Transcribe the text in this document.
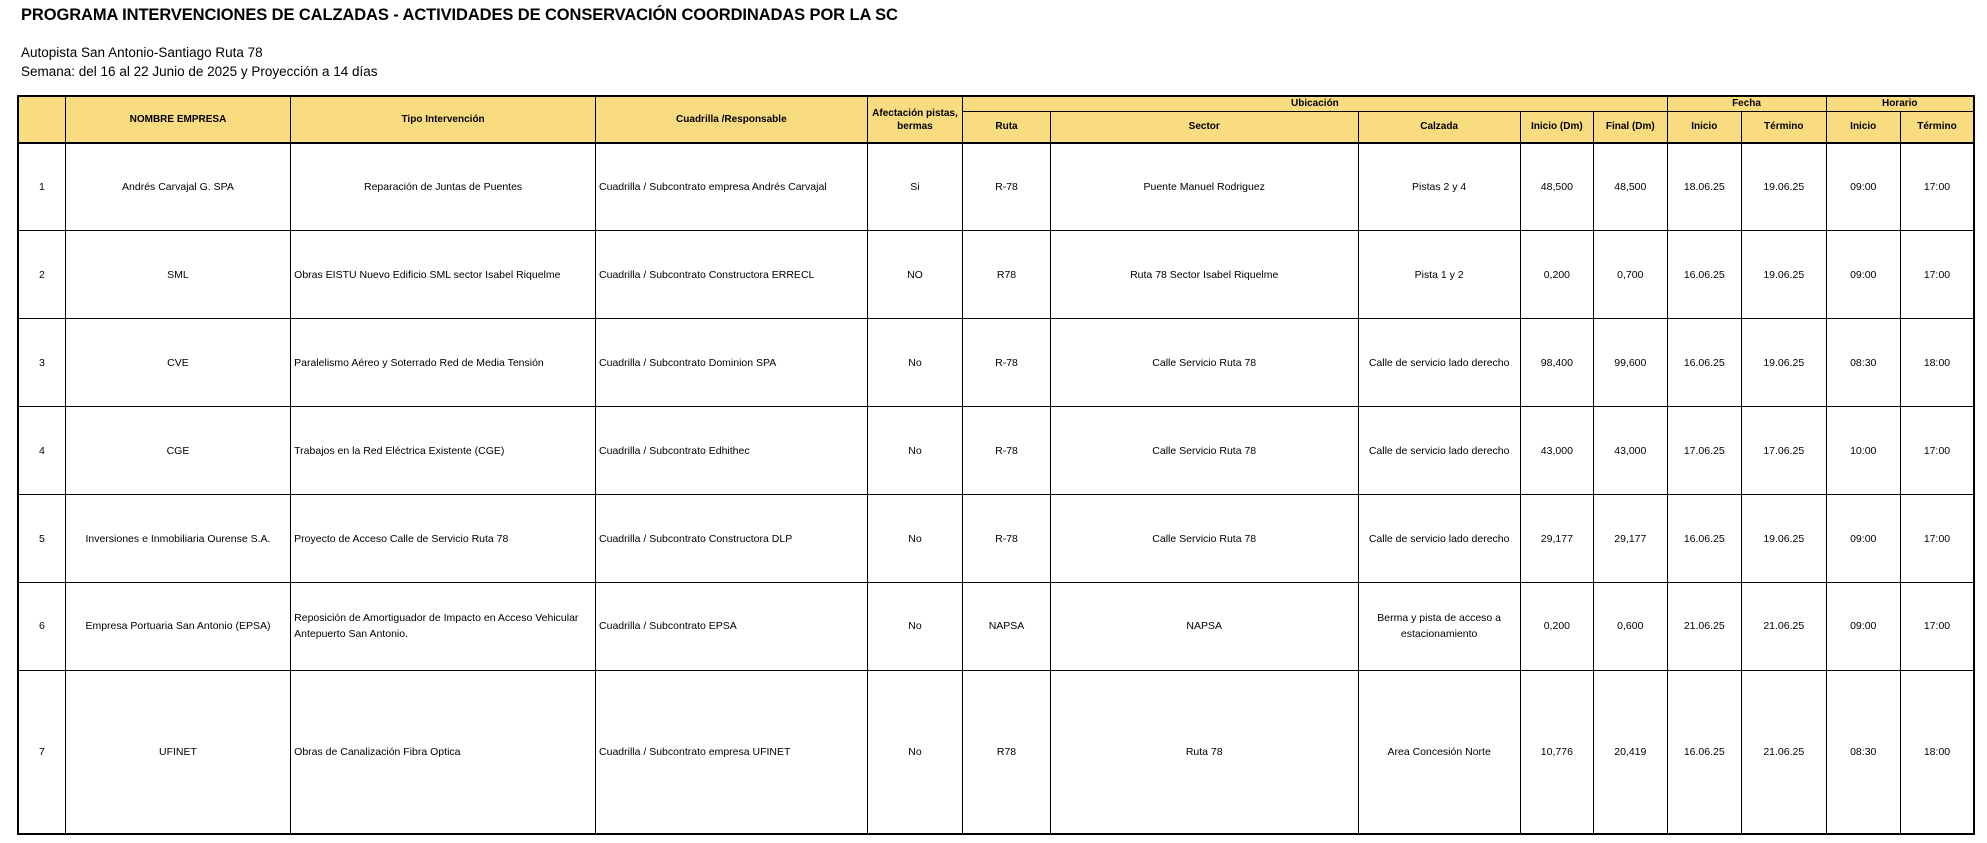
PROGRAMA INTERVENCIONES DE CALZADAS - ACTIVIDADES DE CONSERVACIÓN COORDINADAS POR LA SC
Autopista San Antonio-Santiago Ruta 78
Semana: del 16 al 22 Junio de 2025 y Proyección a 14 días
	NOMBRE EMPRESA	Tipo Intervención	Cuadrilla /Responsable	Afectación pistas, bermas	Ubicación					Fecha		Horario	
					Ruta	Sector	Calzada	Inicio (Dm)	Final (Dm)	Inicio	Término	Inicio	Término
1	Andrés Carvajal G. SPA	Reparación de Juntas de Puentes	Cuadrilla / Subcontrato empresa Andrés Carvajal	Si	R-78	Puente Manuel Rodriguez	Pistas 2 y 4	48,500	48,500	18.06.25	19.06.25	09:00	17:00
2	SML	Obras EISTU Nuevo Edificio SML sector Isabel Riquelme	Cuadrilla / Subcontrato Constructora ERRECL	NO	R78	Ruta 78 Sector Isabel Riquelme	Pista 1 y 2	0,200	0,700	16.06.25	19.06.25	09:00	17:00
3	CVE	Paralelismo Aéreo y Soterrado Red de Media Tensión	Cuadrilla / Subcontrato Dominion SPA	No	R-78	Calle Servicio Ruta 78	Calle de servicio lado derecho	98,400	99,600	16.06.25	19.06.25	08:30	18:00
4	CGE	Trabajos en la Red Eléctrica Existente (CGE)	Cuadrilla / Subcontrato Edhithec	No	R-78	Calle Servicio Ruta 78	Calle de servicio lado derecho	43,000	43,000	17.06.25	17.06.25	10:00	17:00
5	Inversiones e Inmobiliaria Ourense S.A.	Proyecto de Acceso Calle de Servicio Ruta 78	Cuadrilla / Subcontrato Constructora DLP	No	R-78	Calle Servicio Ruta 78	Calle de servicio lado derecho	29,177	29,177	16.06.25	19.06.25	09:00	17:00
6	Empresa Portuaria San Antonio (EPSA)	Reposición de Amortiguador de Impacto en Acceso Vehicular Antepuerto San Antonio.	Cuadrilla / Subcontrato EPSA	No	NAPSA	NAPSA	Berma y pista de acceso a estacionamiento	0,200	0,600	21.06.25	21.06.25	09:00	17:00
7	UFINET	Obras de Canalización Fibra Optica	Cuadrilla / Subcontrato empresa UFINET	No	R78	Ruta 78	Area Concesión Norte	10,776	20,419	16.06.25	21.06.25	08:30	18:00
